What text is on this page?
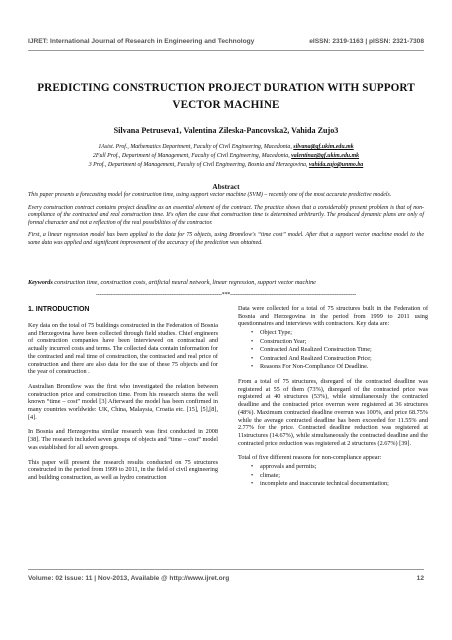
IJRET: International Journal of Research in Engineering and Technology	eISSN: 2319-1163 | pISSN: 2321-7308
PREDICTING CONSTRUCTION PROJECT DURATION WITH SUPPORT
VECTOR MACHINE
Silvana Petruseva1, Valentina Zileska-Pancovska2, Vahida Zujo3
1Asist. Prof., Mathematics Department, Faculty of Civil Engineering, Macedonia, silvana@gf.ukim.edu.mk
2Full Prof., Department of Management, Faculty of Civil Engineering, Macedonia, valentinaz@gf.ukim.edu.mk
3 Prof., Department of Management, Faculty of Civil Engineering, Bosnia and Herzegovina, vahida.zujo@unmo.ba
Abstract

This paper presents a forecasting model for construction time, using support vector machine (SVM) – recently one of the most accurate predictive models.

Every construction contract contains project deadline as an essential element of the contract. The practice shows that a considerably present problem is that of non-compliance of the contracted and real construction time. It's often the case that construction time is determined arbitrarily. The produced dynamic plans are only of formal character and not a reflection of the real possibilities of the contractor.

First, a linear regression model has been applied to the data for 75 objects, using Bromilow's “time cost” model. After that a support vector machine model to the same data was applied and significant improvement of the accuracy of the prediction was obtained.

Keywords construction time, construction costs, artificial neural network, linear regression, support vector machine
----------------------------------------------------------------------***----------------------------------------------------------------------
1. INTRODUCTION

Key data on the total of 75 buildings constructed in the Federation of Bosnia and Herzegovina have been collected through field studies. Chief engineers of construction companies have been interviewed on contractual and actually incurred costs and terms. The collected data contain information for the contracted and real time of construction, the contracted and real price of construction and there are also data for the use of these 75 objects and for the year of construction .

Australian Bromilow was the first who investigated the relation between construction price and construction time. From his research stems the well known “time – cost” model [3] Afterward the model has been confirmed in many countries worldwide: UK, China, Malaysia, Croatia etc. [15], [5],[8],[4].

In Bosnia and Herzegovina similar research was first conducted in 2008 [38]. The research included seven groups of objects and “time – cost” model was established for all seven groups.

This paper will present the research results conducted on 75 structures constructed in the period from 1999 to 2011, in the field of civil engineering and building construction, as well as hydro construction

Data were collected for a total of 75 structures built in the Federation of Bosnia and Herzegovina in the period from 1999 to 2011 using questionnaires and interviews with contractors. Key data are:

• Object Type;
• Construction Year;
• Contracted And Realized Construction Time;
• Contracted And Realized Construction Price;
• Reasons For Non-Compliance Of Deadline.

From a total of 75 structures, disregard of the contracted deadline was registered at 55 of them (73%), disregard of the contracted price was registered at 40 structures (53%), while simultaneously the contracted deadline and the contracted price overrun were registered at 36 structures (48%). Maximum contracted deadline overrun was 100%, and price 68.75% while the average contracted deadline has been exceeded for 11.55% and 2.77% for the price. Contracted deadline reduction was registered at 11structures (14.67%), while simultaneously the contracted deadline and the contracted price reduction was registered at 2 structures (2.67%) [39].

Total of five different reasons for non-compliance appear:

• approvals and permits;
• climate;
• incomplete and inaccurate technical documentation;
Volume: 02 Issue: 11 | Nov-2013, Available @ http://www.ijret.org	12
